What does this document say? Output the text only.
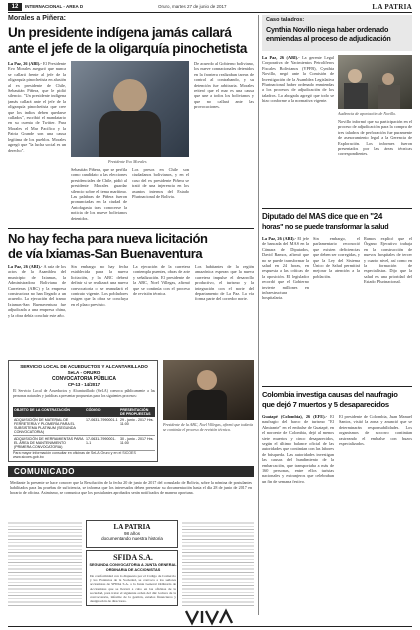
12	INTERNACIONAL - AREA D	Oruro, martes 27 de junio de 2017	LA PATRIA
Morales a Piñera:
Un presidente indígena jamás callará
ante el jefe de la oligarquía pinochetista
La Paz, 26 (ABI).- El Presidente Evo Morales aseguró que nunca se callará frente al jefe de la oligarquía pinochetista en alusión al ex presidente de Chile, Sebastián Piñera, que le pidió silencio. "Un presidente indígena jamás callará ante el jefe de la oligarquía pinochetista que cree que los indios deben quedarse callados", escribió el mandatario en su cuenta de Twitter. Para Morales el Mar Pacífico y la Patria Grande son una causa legítima de los pueblos. Morales agregó que "la lucha social es un derecho".
Presidente Evo Morales
Sebastián Piñera, que se perfila como candidato a las elecciones presidenciales de Chile, pidió al presidente Morales guardar silencio sobre el tema marítimo. Las palabras de Piñera fueron pronunciadas en la ciudad de Antofagasta tras conocerse la noticia de los nueve bolivianos detenidos.
Los presos en Chile son ciudadanos bolivianos, y en el caso del ex presidente Piñera se trató de una injerencia en los asuntos internos del Estado Plurinacional de Bolivia.
De acuerdo al Gobierno boliviano, los nueve connacionales detenidos en la frontera realizaban tareas de control al contrabando, y su detención fue arbitraria. Morales reiteró que el mar es una causa que une a todos los bolivianos y que no callará ante las provocaciones.
Caso taladros:
Cynthia Novillo niega haber ordenado
enmiendas al proceso de adjudicación
La Paz, 26 (ABI).- La gerente Legal Corporativa de Yacimientos Petrolíferos Fiscales Bolivianos (YPFB), Cynthia Novillo, negó ante la Comisión de Investigación de la Asamblea Legislativa Plurinacional haber ordenado enmiendas a los procesos de adjudicación de los taladros. La abogada agregó que todo se hizo conforme a la normativa vigente.
Audiencia de aportación de Novillo.
Novillo informó que su participación en el proceso de adjudicación para la compra de tres taladros de perforación fue puramente de asesoramiento legal a la Gerencia de Exploración. Los informes fueron presentados por las áreas técnicas correspondientes.
Diputado del MAS dice que en "24
horas" no se puede transformar la salud
La Paz, 26 (ABI).- El jefe de bancada del MAS en la Cámara de Diputados, David Ramos, afirmó que no se puede transformar la salud en 24 horas, en respuesta a las críticas de la oposición. El legislador recordó que el Gobierno invierte millones en infraestructura hospitalaria.
Sin embargo, el parlamentario reconoció que existen deficiencias que deben ser corregidas, y que la Ley del Sistema Único de Salud permitirá mejorar la atención a la población.
Ramos explicó que el Órgano Ejecutivo trabaja en la construcción de nuevos hospitales de tercer y cuarto nivel, así como en la formación de especialistas. Dijo que la salud es una prioridad del Estado Plurinacional.
No hay fecha para nueva licitación
de vía Ixiamas-San Buenaventura
La Paz, 26 (ABI).- A raíz de los actos de la Asamblea del municipio de Ixiamas, la Administradora Boliviana de Carreteras (ABC) y la empresa constructora no han llegado a un acuerdo. La ejecución del tramo Ixiamas-San Buenaventura fue adjudicada a una empresa china, y la obra debía concluir este año.
Sin embargo no hay fecha establecida para la nueva licitación, y la ABC deberá definir si se realizará una nueva convocatoria o se reanudará el contrato vigente. Los pobladores exigen que la obra se concluya en el plazo previsto.
La ejecución de la carretera contempla puentes, obras de arte y señalización. El presidente de la ABC, Noel Villegas, afirmó que se continúa con el proceso de revisión técnica.
Los habitantes de la región amazónica esperan que la nueva carretera impulse el desarrollo productivo, el turismo y la integración con el norte del departamento de La Paz. La vía forma parte del corredor norte.
SERVICIO LOCAL DE ACUEDUCTOS Y ALCANTARILLADO
SeLA - ORURO
CONVOCATORIA PÚBLICA
CP-13 - 14/2017
El Servicio Local de Acueductos y Alcantarillado (SeLA) convoca públicamente a las personas naturales y jurídicas a presentar propuestas para los siguientes procesos:
OBJETO DE LA CONTRATACIÓN	CÓDIGO	PRESENTACIÓN DE PROPUESTAS
ADQUISICIÓN DE MATERIAL DE FERRETERÍA Y PLOMERÍA PARA EL SUBSISTEMA PLATINUM (SEGUNDA CONVOCATORIA)
17-0631-7990001-1 29 - junio - 2017 Hrs. 11:00
ADQUISICIÓN DE HERRAMIENTAS PARA EL ÁREA DE MANTENIMIENTO (PRIMERA CONVOCATORIA)
17-0631-7990001-1-1
30 - junio - 2017 Hrs. 11:00
Para mayor información consultar en oficinas de SeLA Oruro y en el SICOES www.sicoes.gob.bo
Presidente de la ABC, Noel Villegas, afirmó que todavía se continúa el proceso de revisión técnica.
COMUNICADO
Mediante la presente se hace conocer que la Resolución de la fecha 20 de junio de 2017 del consulado de Bolivia, sobre la nómina de postulantes habilitados para las pruebas de suficiencia, se informa que los interesados deben presentar su documentación hasta el día 28 de junio de 2017 en horario de oficina. Asimismo, se comunica que los postulantes aprobados serán notificados de manera oportuna.
LA PATRIA
98 años
documentando nuestra historia
SFIDA S.A.
SEGUNDA CONVOCATORIA A JUNTA GENERAL ORDINARIA DE ACCIONISTAS
De conformidad con lo dispuesto por el Código de Comercio y los Estatutos de la Sociedad, se convoca a los señores accionistas de SFIDA S.A. a la Junta General Ordinaria de Accionistas que se llevará a cabo en las oficinas de la sociedad, para tratar el siguiente orden del día: lectura de la convocatoria, informe de la gestión, estados financieros y designación de directores.
Colombia investiga causas del naufragio
que dejó 7 muertos y 5 desaparecidos
Guatapé (Colombia), 26 (EFE).- El naufragio del barco de turismo "El Almirante" en el embalse de Guatapé, en el noroeste de Colombia, dejó al menos siete muertos y cinco desaparecidos, según el último balance oficial de las autoridades que continúan con las labores de búsqueda. Las autoridades investigan las causas del hundimiento de la embarcación, que transportaba a más de 160 personas, entre ellos turistas nacionales y extranjeros que celebraban un fin de semana festivo.
El presidente de Colombia, Juan Manuel Santos, visitó la zona y anunció que se determinarán responsabilidades. Los organismos de socorro continúan rastreando el embalse con buzos especializados.
